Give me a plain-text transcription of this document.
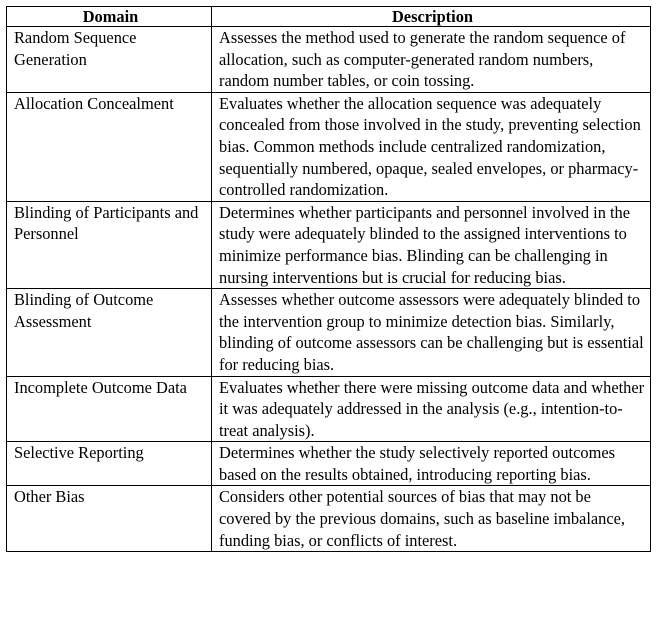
Domain	Description
Random Sequence Generation	Assesses the method used to generate the random sequence of allocation, such as computer-generated random numbers, random number tables, or coin tossing.
Allocation Concealment	Evaluates whether the allocation sequence was adequately concealed from those involved in the study, preventing selection bias. Common methods include centralized randomization, sequentially numbered, opaque, sealed envelopes, or pharmacy-controlled randomization.
Blinding of Participants and Personnel	Determines whether participants and personnel involved in the study were adequately blinded to the assigned interventions to minimize performance bias. Blinding can be challenging in nursing interventions but is crucial for reducing bias.
Blinding of Outcome Assessment	Assesses whether outcome assessors were adequately blinded to the intervention group to minimize detection bias. Similarly, blinding of outcome assessors can be challenging but is essential for reducing bias.
Incomplete Outcome Data	Evaluates whether there were missing outcome data and whether it was adequately addressed in the analysis (e.g., intention-to-treat analysis).
Selective Reporting	Determines whether the study selectively reported outcomes based on the results obtained, introducing reporting bias.
Other Bias	Considers other potential sources of bias that may not be covered by the previous domains, such as baseline imbalance, funding bias, or conflicts of interest.
